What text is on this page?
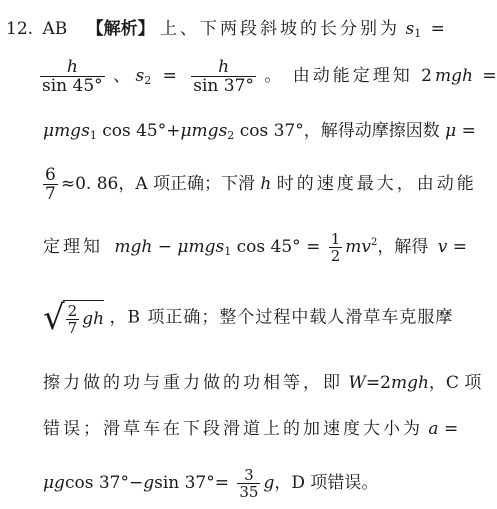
12. AB 【解析】 上、下两段斜坡的长分别为 $s_1$ =
$\frac{h}{\sin 45^\circ}$ 、 $s_2 = \frac{h}{\sin 37^\circ}$ 。 由动能定理知 2mgh =
μmgs$_1$ cos 45°+μmgs$_2$ cos 37°，解得动摩擦因数 μ =
$\frac{6}{7} \approx 0$. 86，A 项正确；下滑 h 时的速度最大，由动能
定理知 mgh − μmgs$_1$ $\cos 45^\circ = \frac{1}{2} mv^2$，解得 v =
√ $\frac{2}{7}$ gh ，B 项正确；整个过程中载人滑草车克服摩
擦力做的功与重力做的功相等，即 W=2mgh，C 项
错误；滑草车在下段滑道上的加速度大小为 a =
μgcos 37°−gsin $37^\circ= \frac{3}{35}$ g，D 项错误。
